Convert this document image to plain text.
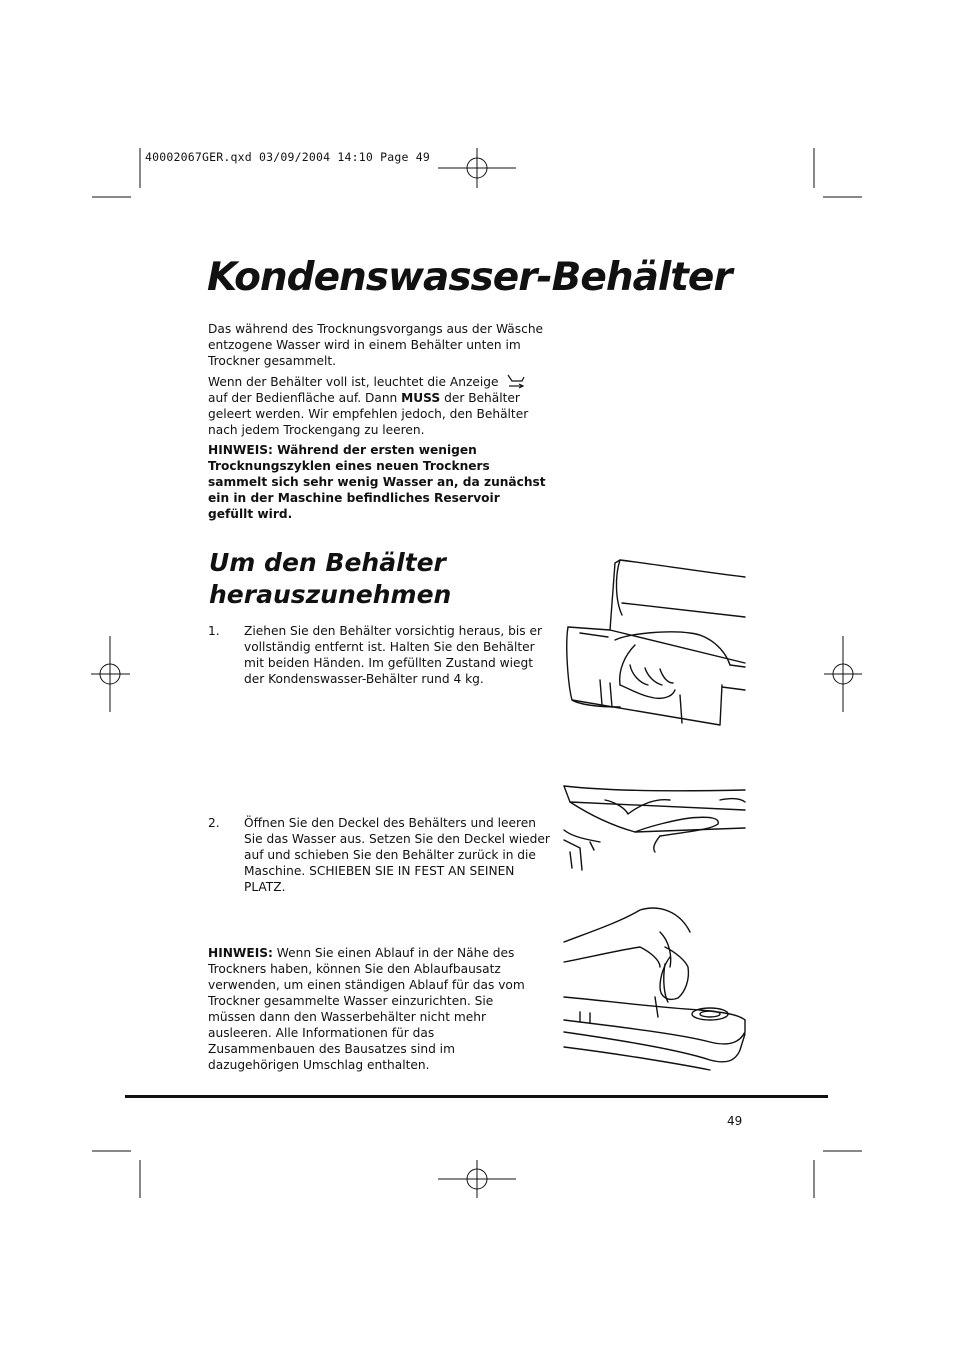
40002067GER.qxd 03/09/2004 14:10 Page 49
Kondenswasser-Behälter
Das während des Trocknungsvorgangs aus der Wäsche entzogene Wasser wird in einem Behälter unten im Trockner gesammelt.
Wenn der Behälter voll ist, leuchtet die Anzeige  auf der Bedienfläche auf. Dann MUSS der Behälter geleert werden. Wir empfehlen jedoch, den Behälter nach jedem Trockengang zu leeren.
HINWEIS: Während der ersten wenigen Trocknungszyklen eines neuen Trockners sammelt sich sehr wenig Wasser an, da zunächst ein in der Maschine befindliches Reservoir gefüllt wird.
Um den Behälter
herauszunehmen
1. Ziehen Sie den Behälter vorsichtig heraus, bis er vollständig entfernt ist. Halten Sie den Behälter mit beiden Händen. Im gefüllten Zustand wiegt der Kondenswasser-Behälter rund 4 kg.
2. Öffnen Sie den Deckel des Behälters und leeren Sie das Wasser aus. Setzen Sie den Deckel wieder auf und schieben Sie den Behälter zurück in die Maschine. SCHIEBEN SIE IN FEST AN SEINEN PLATZ.
HINWEIS: Wenn Sie einen Ablauf in der Nähe des Trockners haben, können Sie den Ablaufbausatz verwenden, um einen ständigen Ablauf für das vom Trockner gesammelte Wasser einzurichten. Sie müssen dann den Wasserbehälter nicht mehr ausleeren. Alle Informationen für das Zusammenbauen des Bausatzes sind im dazugehörigen Umschlag enthalten.
49
